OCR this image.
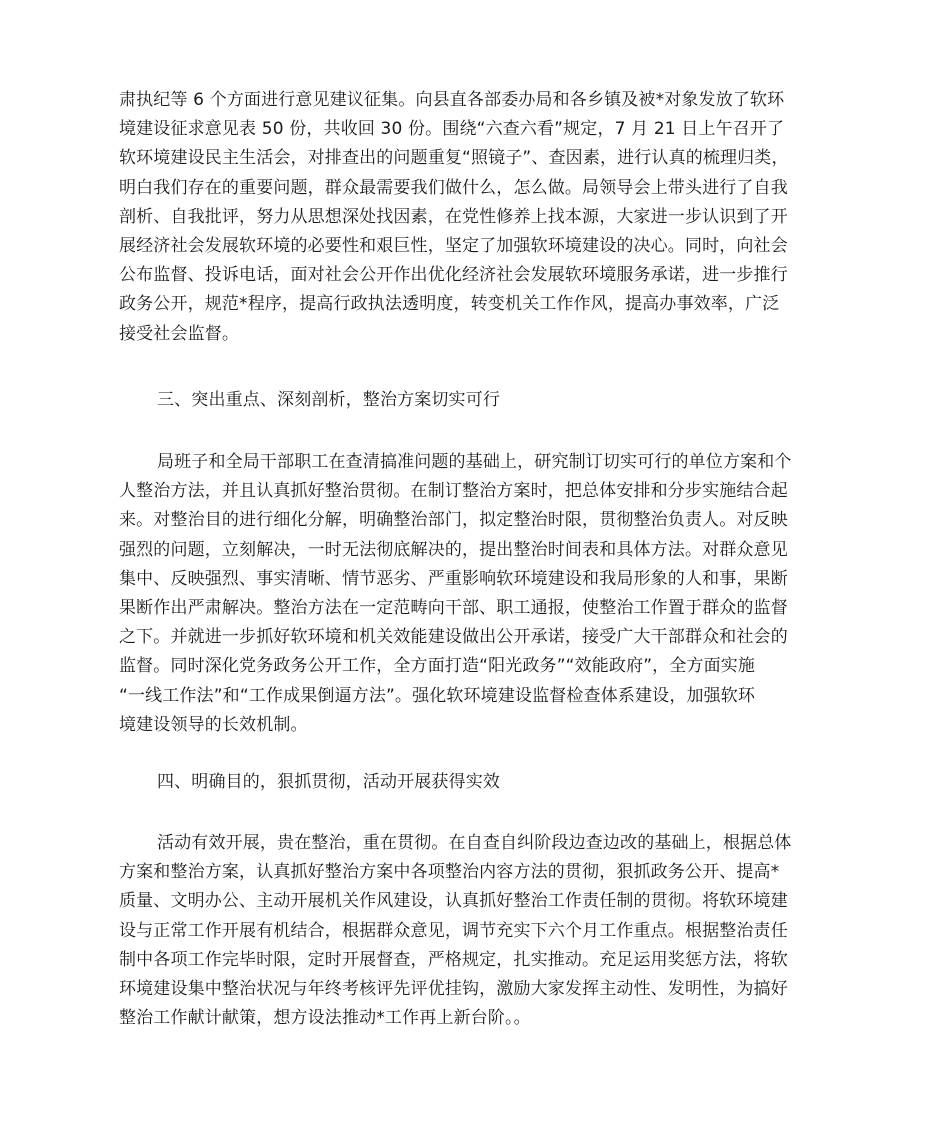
肃执纪等 6 个方面进行意见建议征集。向县直各部委办局和各乡镇及被*对象发放了软环
境建设征求意见表 50 份，共收回 30 份。围绕“六查六看”规定，7 月 21 日上午召开了
软环境建设民主生活会，对排查出的问题重复“照镜子”、查因素，进行认真的梳理归类，
明白我们存在的重要问题，群众最需要我们做什么，怎么做。局领导会上带头进行了自我
剖析、自我批评，努力从思想深处找因素，在党性修养上找本源，大家进一步认识到了开
展经济社会发展软环境的必要性和艰巨性，坚定了加强软环境建设的决心。同时，向社会
公布监督、投诉电话，面对社会公开作出优化经济社会发展软环境服务承诺，进一步推行
政务公开，规范*程序，提高行政执法透明度，转变机关工作作风，提高办事效率，广泛
接受社会监督。
三、突出重点、深刻剖析，整治方案切实可行
局班子和全局干部职工在查清搞准问题的基础上，研究制订切实可行的单位方案和个
人整治方法，并且认真抓好整治贯彻。在制订整治方案时，把总体安排和分步实施结合起
来。对整治目的进行细化分解，明确整治部门，拟定整治时限，贯彻整治负责人。对反映
强烈的问题，立刻解决，一时无法彻底解决的，提出整治时间表和具体方法。对群众意见
集中、反映强烈、事实清晰、情节恶劣、严重影响软环境建设和我局形象的人和事，果断
果断作出严肃解决。整治方法在一定范畴向干部、职工通报，使整治工作置于群众的监督
之下。并就进一步抓好软环境和机关效能建设做出公开承诺，接受广大干部群众和社会的
监督。同时深化党务政务公开工作，全方面打造“阳光政务”“效能政府”，全方面实施
“一线工作法”和“工作成果倒逼方法”。强化软环境建设监督检查体系建设，加强软环
境建设领导的长效机制。
四、明确目的，狠抓贯彻，活动开展获得实效
活动有效开展，贵在整治，重在贯彻。在自查自纠阶段边查边改的基础上，根据总体
方案和整治方案，认真抓好整治方案中各项整治内容方法的贯彻，狠抓政务公开、提高*
质量、文明办公、主动开展机关作风建设，认真抓好整治工作责任制的贯彻。将软环境建
设与正常工作开展有机结合，根据群众意见，调节充实下六个月工作重点。根据整治责任
制中各项工作完毕时限，定时开展督查，严格规定，扎实推动。充足运用奖惩方法，将软
环境建设集中整治状况与年终考核评先评优挂钩，激励大家发挥主动性、发明性，为搞好
整治工作献计献策，想方设法推动*工作再上新台阶。。
